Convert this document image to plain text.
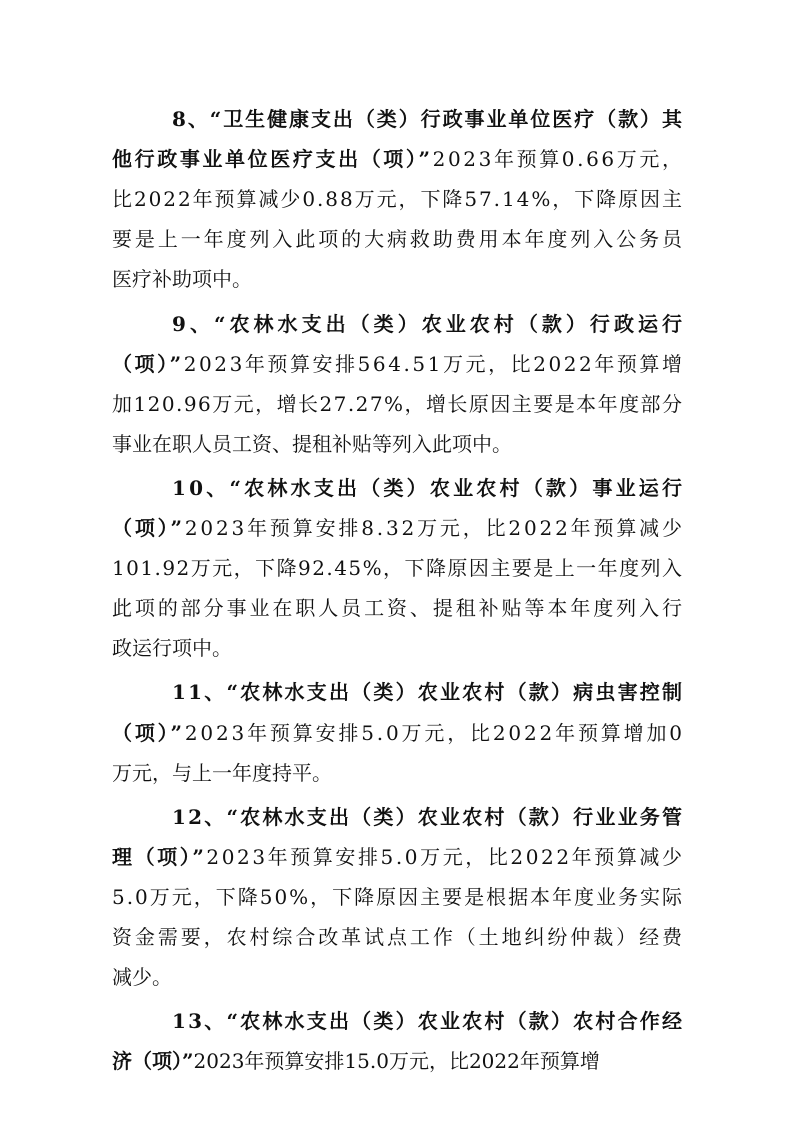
8、“卫生健康支出（类）行政事业单位医疗（款）其
他行政事业单位医疗支出（项）” 2023年预算0.66万元，
比2022年预算减少0.88万元，下降57.14%，下降原因主
要是上一年度列入此项的大病救助费用本年度列入公务员
医疗补助项中。
9、“农林水支出（类）农业农村（款）行政运行
（项）” 2023年预算安排564.51万元，比2022年预算增
加120.96万元，增长27.27%，增长原因主要是本年度部分
事业在职人员工资、提租补贴等列入此项中。
10、“农林水支出（类）农业农村（款）事业运行
（项）” 2023年预算安排8.32万元，比2022年预算减少
101.92万元，下降92.45%，下降原因主要是上一年度列入
此项的部分事业在职人员工资、提租补贴等本年度列入行
政运行项中。
11、“农林水支出（类）农业农村（款）病虫害控制
（项）” 2023年预算安排5.0万元，比2022年预算增加0
万元，与上一年度持平。
12、“农林水支出（类）农业农村（款）行业业务管
理（项）” 2023年预算安排5.0万元，比2022年预算减少
5.0万元，下降50%，下降原因主要是根据本年度业务实际
资金需要，农村综合改革试点工作（土地纠纷仲裁）经费
减少。
13、“农林水支出（类）农业农村（款）农村合作经
济（项）” 2023年预算安排15.0万元，比2022年预算增
